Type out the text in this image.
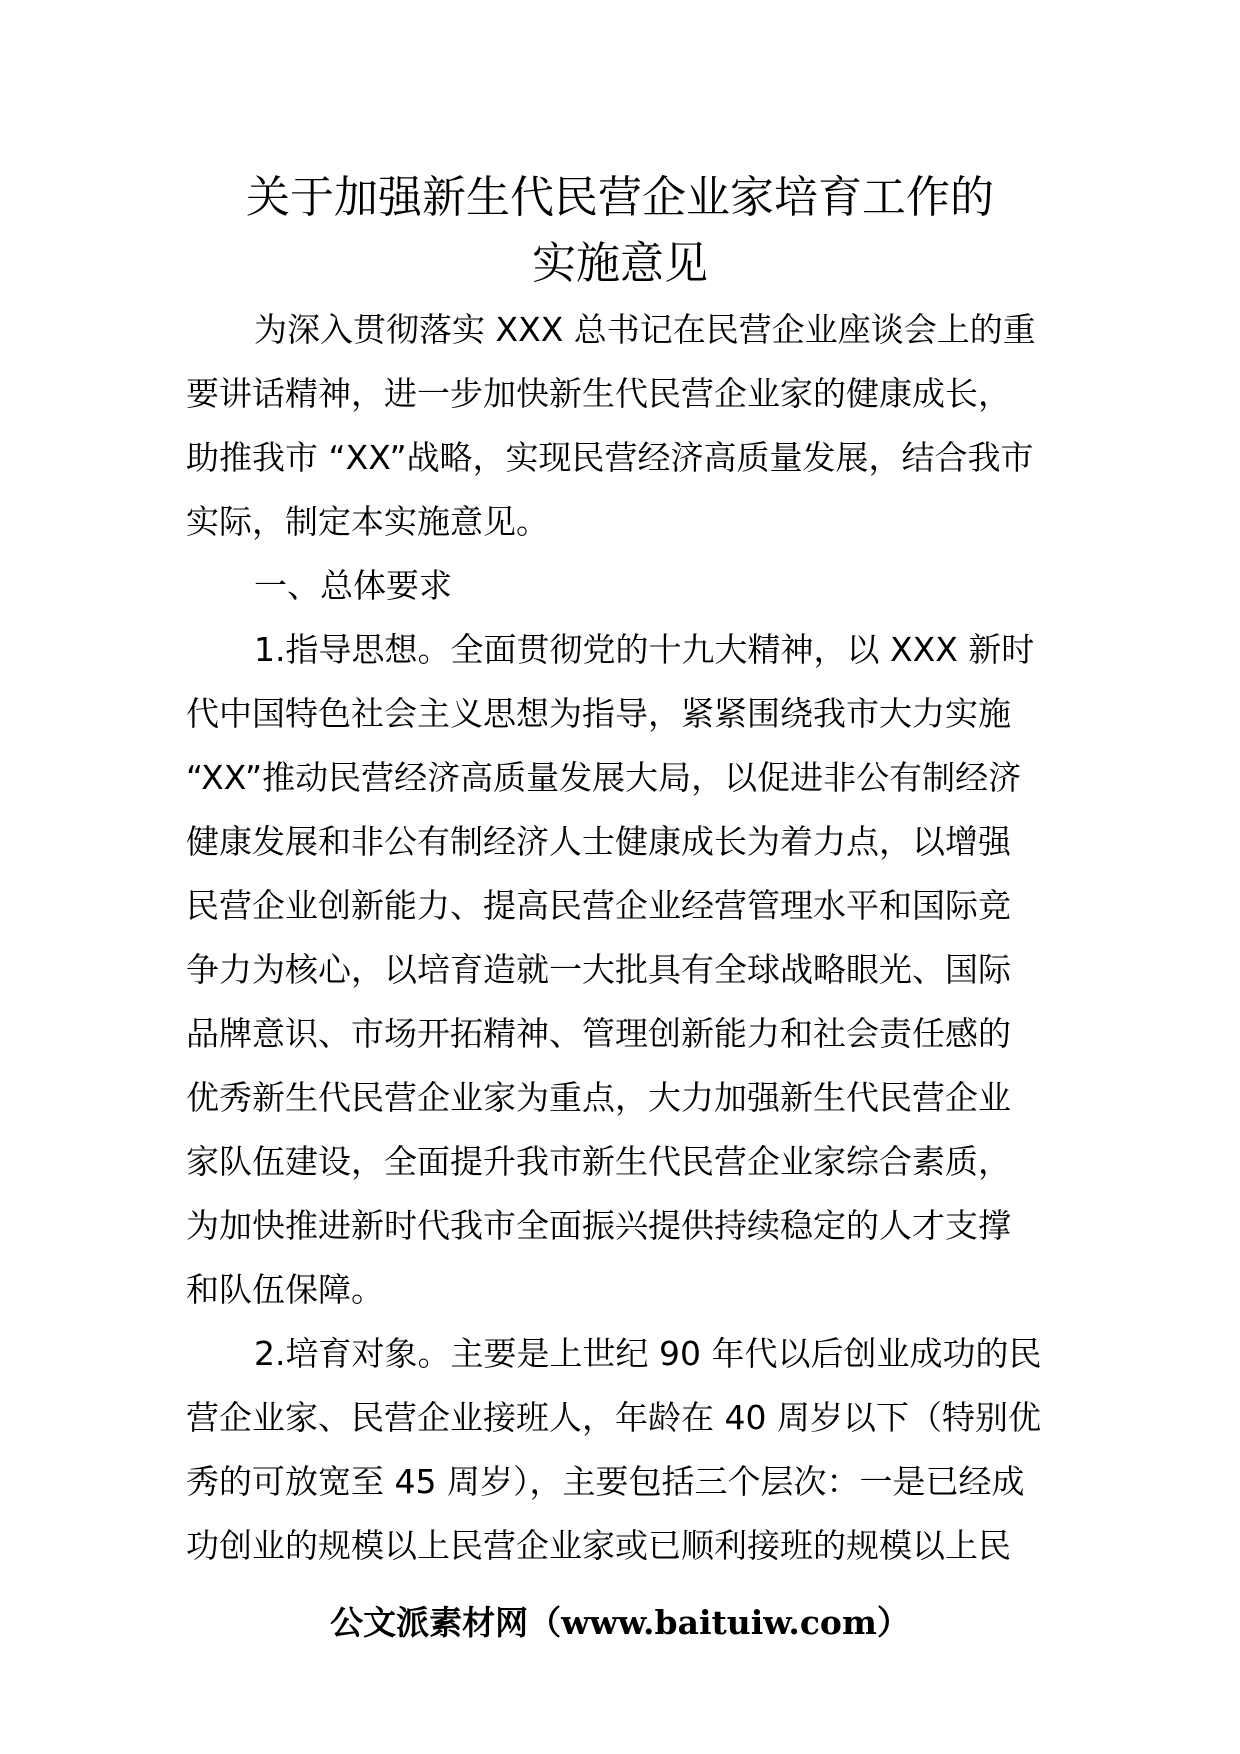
关于加强新生代民营企业家培育工作的
实施意见
为深入贯彻落实 XXX 总书记在民营企业座谈会上的重
要讲话精神，进一步加快新生代民营企业家的健康成长，
助推我市 “XX”战略，实现民营经济高质量发展，结合我市
实际，制定本实施意见。
一、总体要求
1.指导思想。全面贯彻党的十九大精神，以 XXX 新时
代中国特色社会主义思想为指导，紧紧围绕我市大力实施
“XX”推动民营经济高质量发展大局，以促进非公有制经济
健康发展和非公有制经济人士健康成长为着力点，以增强
民营企业创新能力、提高民营企业经营管理水平和国际竞
争力为核心，以培育造就一大批具有全球战略眼光、国际
品牌意识、市场开拓精神、管理创新能力和社会责任感的
优秀新生代民营企业家为重点，大力加强新生代民营企业
家队伍建设，全面提升我市新生代民营企业家综合素质，
为加快推进新时代我市全面振兴提供持续稳定的人才支撑
和队伍保障。
2.培育对象。主要是上世纪 90 年代以后创业成功的民
营企业家、民营企业接班人，年龄在 40 周岁以下（特别优
秀的可放宽至 45 周岁），主要包括三个层次：一是已经成
功创业的规模以上民营企业家或已顺利接班的规模以上民
公文派素材网（www.baituiw.com）
